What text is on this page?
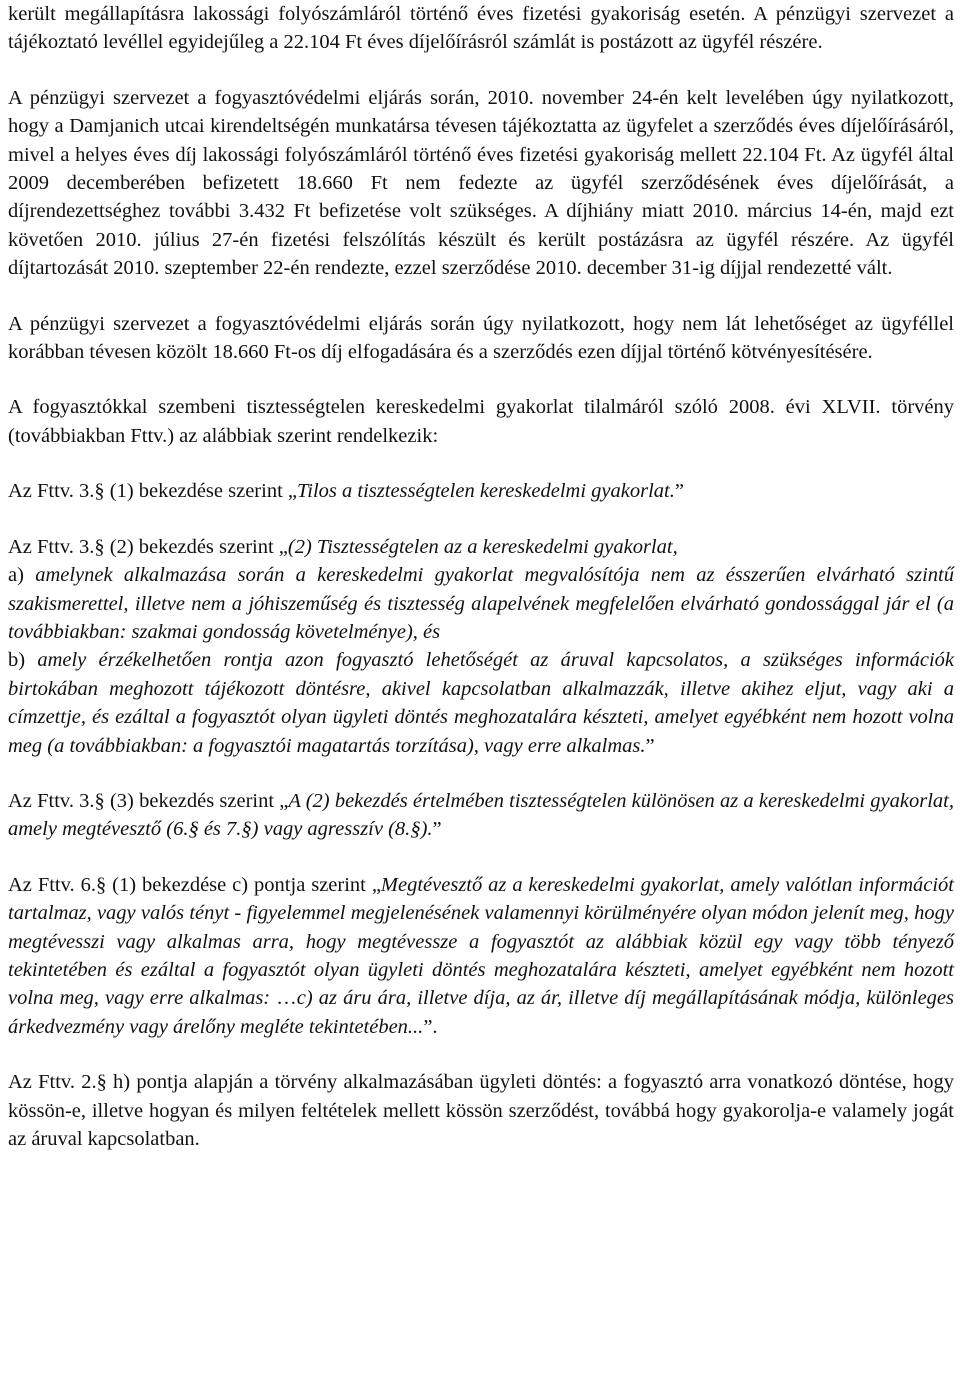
került megállapításra lakossági folyószámláról történő éves fizetési gyakoriság esetén. A pénzügyi szervezet a tájékoztató levéllel egyidejűleg a 22.104 Ft éves díjelőírásról számlát is postázott az ügyfél részére.

A pénzügyi szervezet a fogyasztóvédelmi eljárás során, 2010. november 24-én kelt levelében úgy nyilatkozott, hogy a Damjanich utcai kirendeltségén munkatársa tévesen tájékoztatta az ügyfelet a szerződés éves díjelőírásáról, mivel a helyes éves díj lakossági folyószámláról történő éves fizetési gyakoriság mellett 22.104 Ft. Az ügyfél által 2009 decemberében befizetett 18.660 Ft nem fedezte az ügyfél szerződésének éves díjelőírását, a díjrendezettséghez további 3.432 Ft befizetése volt szükséges. A díjhiány miatt 2010. március 14-én, majd ezt követően 2010. július 27-én fizetési felszólítás készült és került postázásra az ügyfél részére. Az ügyfél díjtartozását 2010. szeptember 22-én rendezte, ezzel szerződése 2010. december 31-ig díjjal rendezetté vált.

A pénzügyi szervezet a fogyasztóvédelmi eljárás során úgy nyilatkozott, hogy nem lát lehetőséget az ügyféllel korábban tévesen közölt 18.660 Ft-os díj elfogadására és a szerződés ezen díjjal történő kötvényesítésére.

A fogyasztókkal szembeni tisztességtelen kereskedelmi gyakorlat tilalmáról szóló 2008. évi XLVII. törvény (továbbiakban Fttv.) az alábbiak szerint rendelkezik:

Az Fttv. 3.§ (1) bekezdése szerint „Tilos a tisztességtelen kereskedelmi gyakorlat.”

Az Fttv. 3.§ (2) bekezdés szerint „(2) Tisztességtelen az a kereskedelmi gyakorlat,
a) amelynek alkalmazása során a kereskedelmi gyakorlat megvalósítója nem az ésszerűen elvárható szintű szakismerettel, illetve nem a jóhiszeműség és tisztesség alapelvének megfelelően elvárható gondossággal jár el (a továbbiakban: szakmai gondosság követelménye), és
b) amely érzékelhetően rontja azon fogyasztó lehetőségét az áruval kapcsolatos, a szükséges információk birtokában meghozott tájékozott döntésre, akivel kapcsolatban alkalmazzák, illetve akihez eljut, vagy aki a címzettje, és ezáltal a fogyasztót olyan ügyleti döntés meghozatalára készteti, amelyet egyébként nem hozott volna meg (a továbbiakban: a fogyasztói magatartás torzítása), vagy erre alkalmas.”

Az Fttv. 3.§ (3) bekezdés szerint „A (2) bekezdés értelmében tisztességtelen különösen az a kereskedelmi gyakorlat, amely megtévesztő (6.§ és 7.§) vagy agresszív (8.§).”

Az Fttv. 6.§ (1) bekezdése c) pontja szerint „Megtévesztő az a kereskedelmi gyakorlat, amely valótlan információt tartalmaz, vagy valós tényt - figyelemmel megjelenésének valamennyi körülményére olyan módon jelenít meg, hogy megtévesszi vagy alkalmas arra, hogy megtévessze a fogyasztót az alábbiak közül egy vagy több tényező tekintetében és ezáltal a fogyasztót olyan ügyleti döntés meghozatalára készteti, amelyet egyébként nem hozott volna meg, vagy erre alkalmas: …c) az áru ára, illetve díja, az ár, illetve díj megállapításának módja, különleges árkedvezmény vagy árelőny megléte tekintetében...”.

Az Fttv. 2.§ h) pontja alapján a törvény alkalmazásában ügyleti döntés: a fogyasztó arra vonatkozó döntése, hogy kössön-e, illetve hogyan és milyen feltételek mellett kössön szerződést, továbbá hogy gyakorolja-e valamely jogát az áruval kapcsolatban.
